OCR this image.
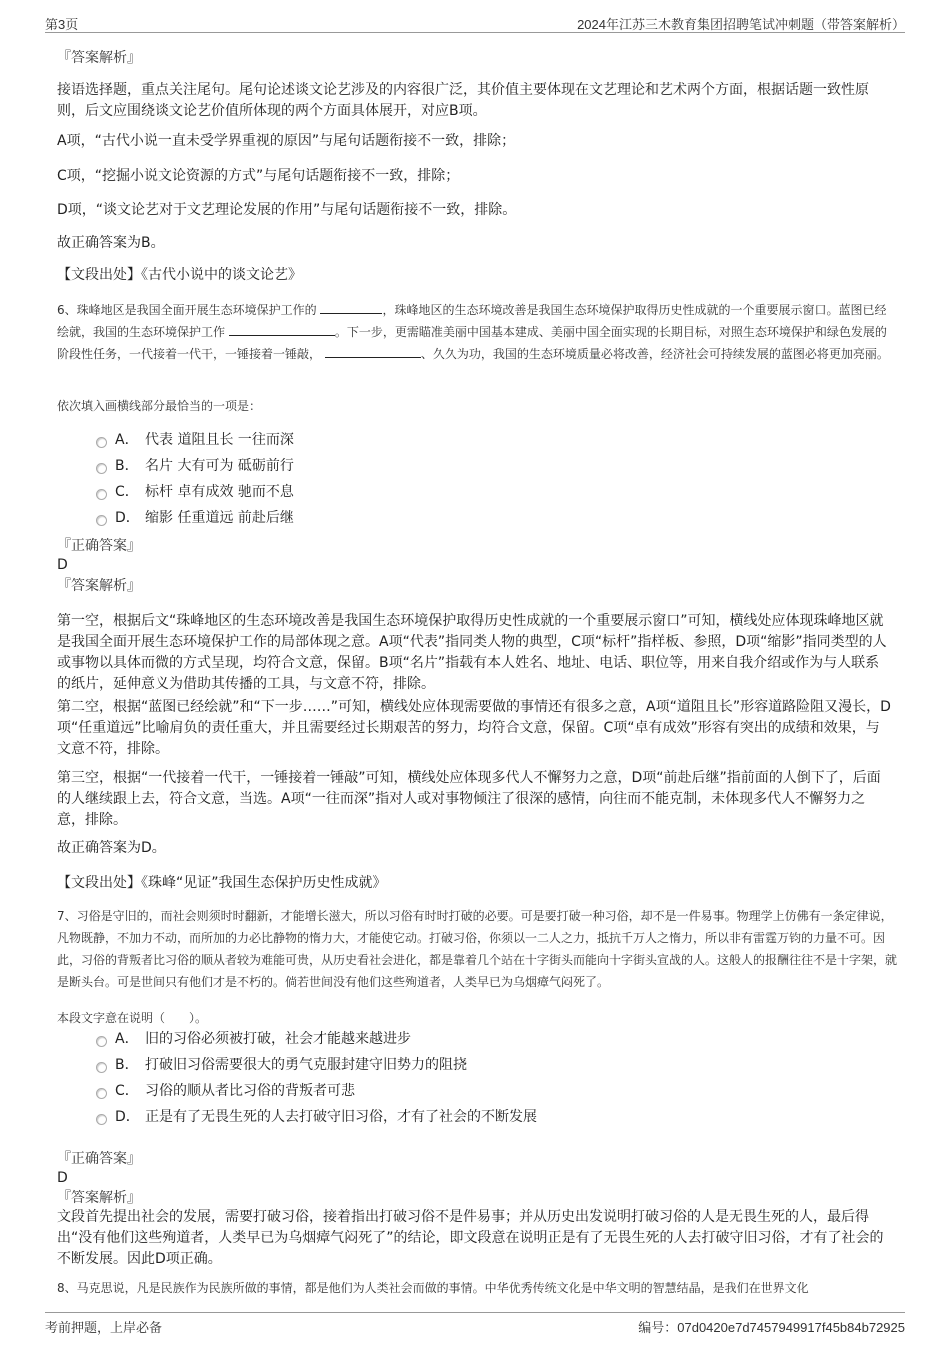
第3页	2024年江苏三木教育集团招聘笔试冲刺题（带答案解析）
『答案解析』
接语选择题，重点关注尾句。尾句论述谈文论艺涉及的内容很广泛，其价值主要体现在文艺理论和艺术两个方面，根据话题一致性原则，后文应围绕谈文论艺价值所体现的两个方面具体展开，对应B项。
A项，“古代小说一直未受学界重视的原因”与尾句话题衔接不一致，排除；
C项，“挖掘小说文论资源的方式”与尾句话题衔接不一致，排除；
D项，“谈文论艺对于文艺理论发展的作用”与尾句话题衔接不一致，排除。
故正确答案为B。
【文段出处】《古代小说中的谈文论艺》
6、珠峰地区是我国全面开展生态环境保护工作的	，珠峰地区的生态环境改善是我国生态环境保护取得历史性成就的一个重要展示窗口。蓝图已经绘就，我国的生态环境保护工作	。下一步，更需瞄准美丽中国基本建成、美丽中国全面实现的长期目标，对照生态环境保护和绿色发展的阶段性任务，一代接着一代干，一锤接着一锤敲，	、久久为功，我国的生态环境质量必将改善，经济社会可持续发展的蓝图必将更加亮丽。
依次填入画横线部分最恰当的一项是：
A． 代表 道阻且长 一往而深
B． 名片 大有可为 砥砺前行
C． 标杆 卓有成效 驰而不息
D． 缩影 任重道远 前赴后继
『正确答案』
D
『答案解析』
第一空，根据后文“珠峰地区的生态环境改善是我国生态环境保护取得历史性成就的一个重要展示窗口”可知，横线处应体现珠峰地区就是我国全面开展生态环境保护工作的局部体现之意。A项“代表”指同类人物的典型，C项“标杆”指样板、参照，D项“缩影”指同类型的人或事物以具体而微的方式呈现，均符合文意，保留。B项“名片”指载有本人姓名、地址、电话、职位等，用来自我介绍或作为与人联系的纸片，延伸意义为借助其传播的工具，与文意不符，排除。
第二空，根据“蓝图已经绘就”和“下一步……”可知，横线处应体现需要做的事情还有很多之意，A项“道阻且长”形容道路险阻又漫长，D项“任重道远”比喻肩负的责任重大，并且需要经过长期艰苦的努力，均符合文意，保留。C项“卓有成效”形容有突出的成绩和效果，与文意不符，排除。
第三空，根据“一代接着一代干，一锤接着一锤敲”可知，横线处应体现多代人不懈努力之意，D项“前赴后继”指前面的人倒下了，后面的人继续跟上去，符合文意，当选。A项“一往而深”指对人或对事物倾注了很深的感情，向往而不能克制，未体现多代人不懈努力之意，排除。
故正确答案为D。
【文段出处】《珠峰“见证”我国生态保护历史性成就》
7、习俗是守旧的，而社会则须时时翻新，才能增长滋大，所以习俗有时时打破的必要。可是要打破一种习俗，却不是一件易事。物理学上仿佛有一条定律说，凡物既静，不加力不动，而所加的力必比静物的惰力大，才能使它动。打破习俗，你须以一二人之力，抵抗千万人之惰力，所以非有雷霆万钧的力量不可。因此，习俗的背叛者比习俗的顺从者较为难能可贵，从历史看社会进化，都是靠着几个站在十字街头而能向十字街头宣战的人。这般人的报酬往往不是十字架，就是断头台。可是世间只有他们才是不朽的。倘若世间没有他们这些殉道者，人类早已为乌烟瘴气闷死了。
本段文字意在说明（　　）。
A． 旧的习俗必须被打破，社会才能越来越进步
B． 打破旧习俗需要很大的勇气克服封建守旧势力的阻挠
C． 习俗的顺从者比习俗的背叛者可悲
D． 正是有了无畏生死的人去打破守旧习俗，才有了社会的不断发展
『正确答案』
D
『答案解析』
文段首先提出社会的发展，需要打破习俗，接着指出打破习俗不是件易事；并从历史出发说明打破习俗的人是无畏生死的人，最后得出“没有他们这些殉道者，人类早已为乌烟瘴气闷死了”的结论，即文段意在说明正是有了无畏生死的人去打破守旧习俗，才有了社会的不断发展。因此D项正确。
8、马克思说，凡是民族作为民族所做的事情，都是他们为人类社会而做的事情。中华优秀传统文化是中华文明的智慧结晶，是我们在世界文化
考前押题，上岸必备	编号：07d0420e7d7457949917f45b84b72925
